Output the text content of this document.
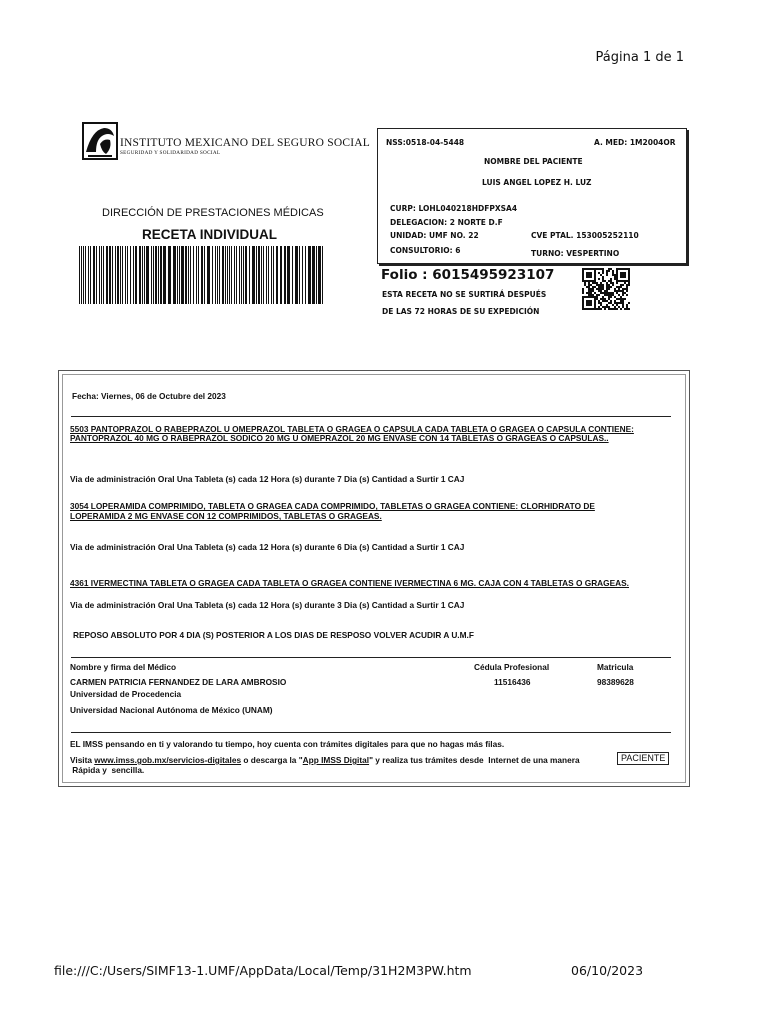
Página 1 de 1
INSTITUTO MEXICANO DEL SEGURO SOCIAL
SEGURIDAD Y SOLIDARIDAD SOCIAL
DIRECCIÓN DE PRESTACIONES MÉDICAS
RECETA INDIVIDUAL
NSS:0518-04-5448	A. MED: 1M2004OR
NOMBRE DEL PACIENTE
LUIS ANGEL LOPEZ H. LUZ
CURP: LOHL040218HDFPXSA4
DELEGACION: 2 NORTE D.F
UNIDAD: UMF NO. 22	CVE PTAL. 153005252110
CONSULTORIO: 6	TURNO: VESPERTINO
Folio : 6015495923107
ESTA RECETA NO SE SURTIRÁ DESPUÉS
DE LAS 72 HORAS DE SU EXPEDICIÓN
Fecha: Viernes, 06 de Octubre del 2023
5503 PANTOPRAZOL O RABEPRAZOL U OMEPRAZOL TABLETA O GRAGEA O CAPSULA CADA TABLETA O GRAGEA O CAPSULA CONTIENE:
PANTOPRAZOL 40 MG O RABEPRAZOL SODICO 20 MG U OMEPRAZOL 20 MG ENVASE CON 14 TABLETAS O GRAGEAS O CAPSULAS..
Via de administración Oral Una Tableta (s) cada 12 Hora (s) durante 7 Dia (s) Cantidad a Surtir 1 CAJ
3054 LOPERAMIDA COMPRIMIDO, TABLETA O GRAGEA CADA COMPRIMIDO, TABLETAS O GRAGEA CONTIENE: CLORHIDRATO DE
LOPERAMIDA 2 MG ENVASE CON 12 COMPRIMIDOS, TABLETAS O GRAGEAS.
Via de administración Oral Una Tableta (s) cada 12 Hora (s) durante 6 Dia (s) Cantidad a Surtir 1 CAJ
4361 IVERMECTINA TABLETA O GRAGEA CADA TABLETA O GRAGEA CONTIENE IVERMECTINA 6 MG. CAJA CON 4 TABLETAS O GRAGEAS.
Via de administración Oral Una Tableta (s) cada 12 Hora (s) durante 3 Dia (s) Cantidad a Surtir 1 CAJ
REPOSO ABSOLUTO POR 4 DIA (S) POSTERIOR A LOS DIAS DE RESPOSO VOLVER ACUDIR A U.M.F
Nombre y firma del Médico	Cédula Profesional	Matricula
CARMEN PATRICIA FERNANDEZ DE LARA AMBROSIO	11516436	98389628
Universidad de Procedencia
Universidad Nacional Autónoma de México (UNAM)
EL IMSS pensando en ti y valorando tu tiempo, hoy cuenta con trámites digitales para que no hagas más filas.
Visita www.imss.gob.mx/servicios-digitales o descarga la "App IMSS Digital" y realiza tus trámites desde  Internet de una manera	PACIENTE
Rápida y  sencilla.
file:///C:/Users/SIMF13-1.UMF/AppData/Local/Temp/31H2M3PW.htm	06/10/2023
